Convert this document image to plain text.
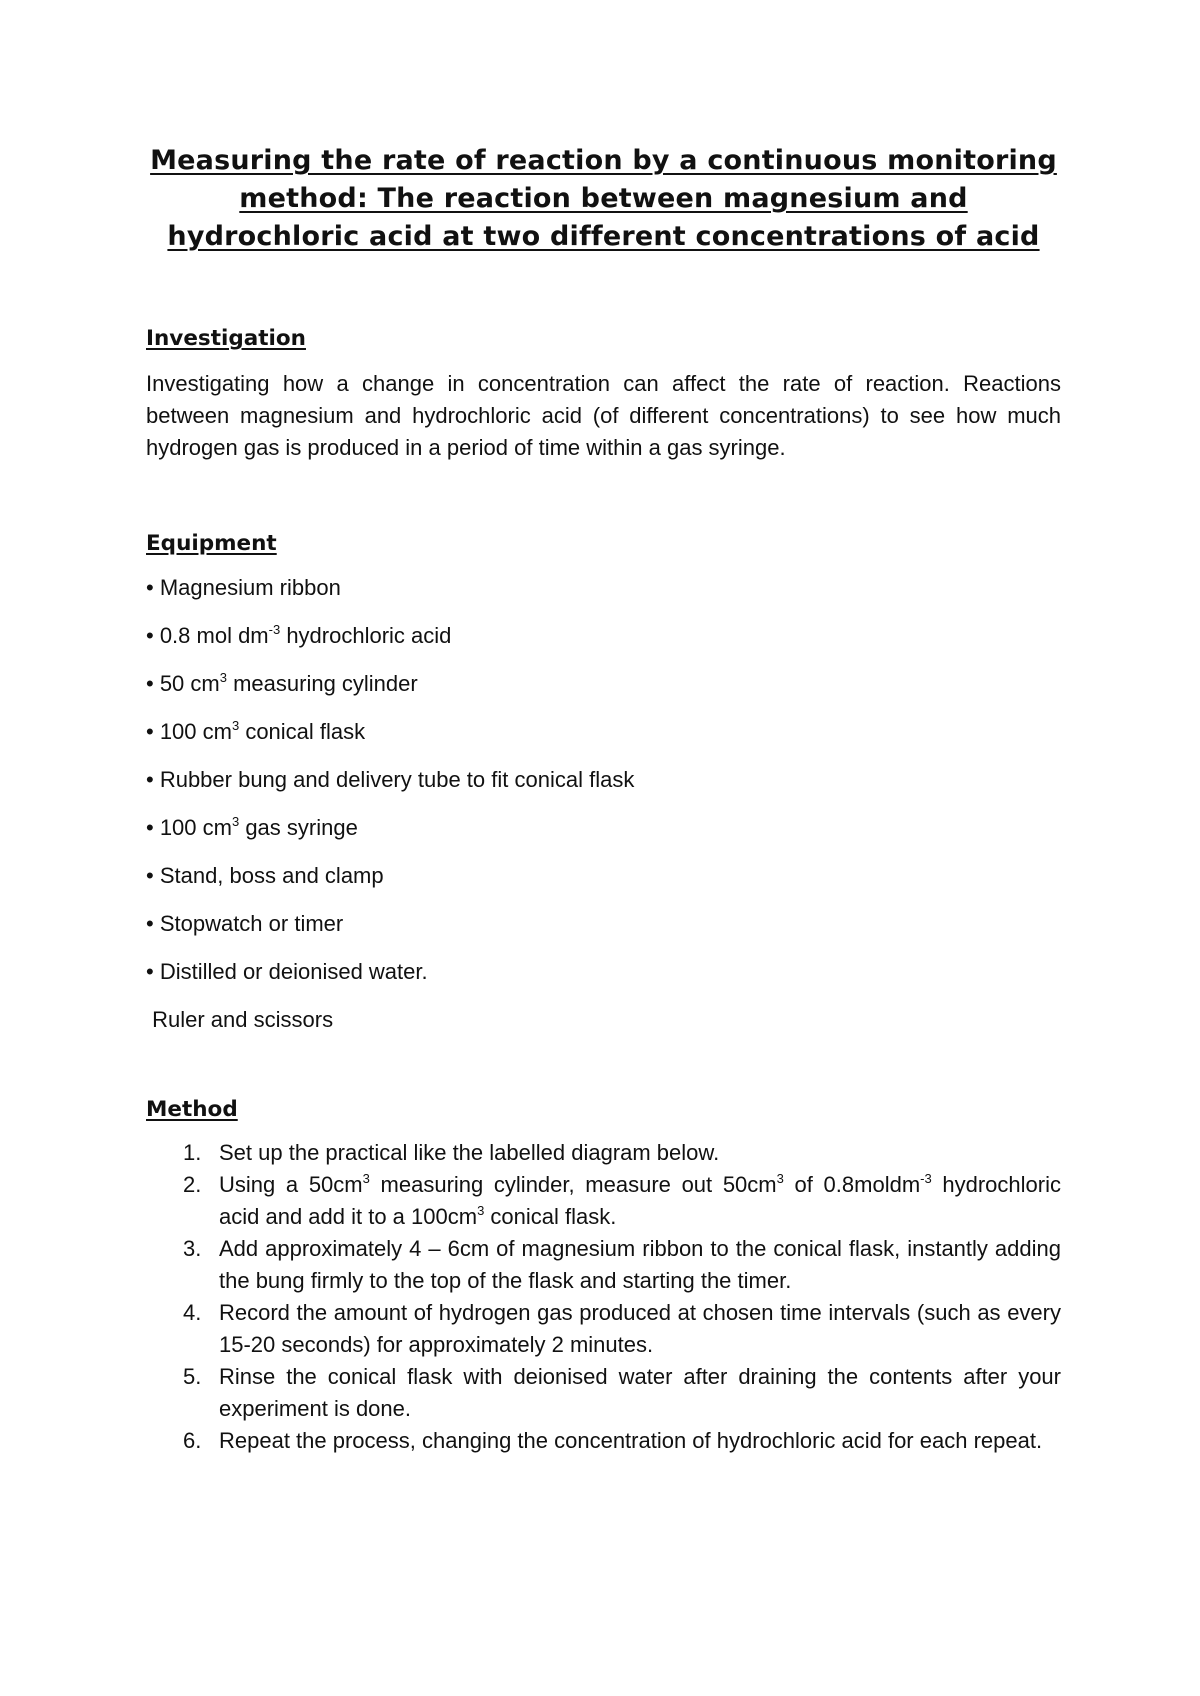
Measuring the rate of reaction by a continuous monitoring method: The reaction between magnesium and hydrochloric acid at two different concentrations of acid
Investigation

Investigating how a change in concentration can affect the rate of reaction. Reactions between magnesium and hydrochloric acid (of different concentrations) to see how much hydrogen gas is produced in a period of time within a gas syringe.

Equipment
• Magnesium ribbon
• 0.8 mol $dm^{-3}$ hydrochloric acid
• 50 $cm^3$ measuring cylinder
• 100 $cm^3$ conical flask
• Rubber bung and delivery tube to fit conical flask
• 100 $cm^3$ gas syringe
• Stand, boss and clamp
• Stopwatch or timer
• Distilled or deionised water.
Ruler and scissors
Method
1. Set up the practical like the labelled diagram below.
2. Using a $50cm^3$ measuring cylinder, measure out $50cm^3$ of 0.8moldm$^{-3}$ hydrochloric acid and add it to a $100cm^3$ conical flask.
3. Add approximately 4 – 6cm of magnesium ribbon to the conical flask, instantly adding the bung firmly to the top of the flask and starting the timer.
4. Record the amount of hydrogen gas produced at chosen time intervals (such as every 15-20 seconds) for approximately 2 minutes.
5. Rinse the conical flask with deionised water after draining the contents after your experiment is done.
6. Repeat the process, changing the concentration of hydrochloric acid for each repeat.
